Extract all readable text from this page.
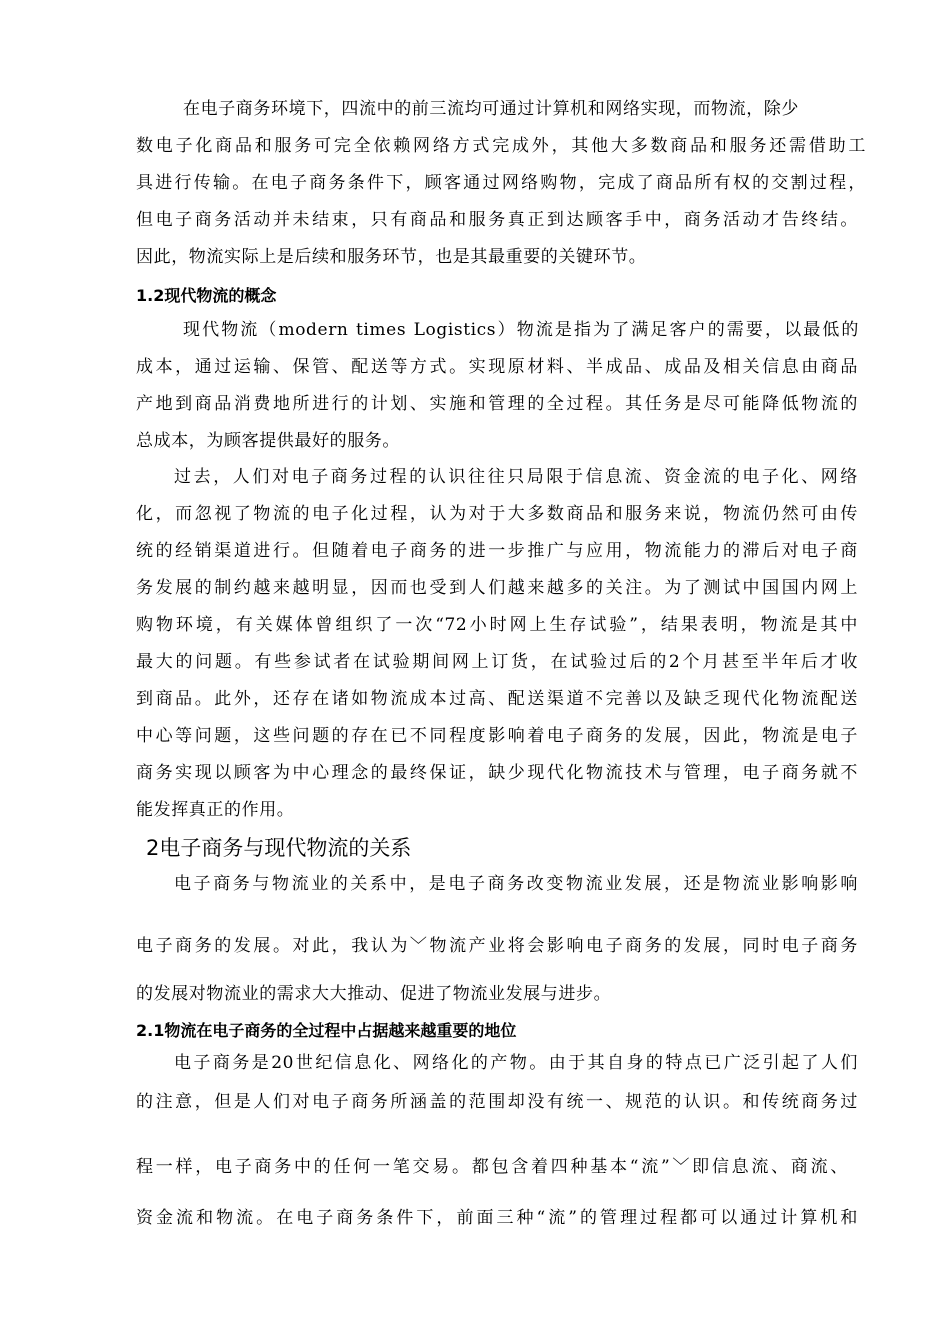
在电子商务环境下，四流中的前三流均可通过计算机和网络实现，而物流，除少
数电子化商品和服务可完全依赖网络方式完成外，其他大多数商品和服务还需借助工
具进行传输。在电子商务条件下，顾客通过网络购物，完成了商品所有权的交割过程，
但电子商务活动并未结束，只有商品和服务真正到达顾客手中，商务活动才告终结。
因此，物流实际上是后续和服务环节，也是其最重要的关键环节。
1.2现代物流的概念
现代物流（modern times Logistics）物流是指为了满足客户的需要，以最低的
成本，通过运输、保管、配送等方式。实现原材料、半成品、成品及相关信息由商品
产地到商品消费地所进行的计划、实施和管理的全过程。其任务是尽可能降低物流的
总成本，为顾客提供最好的服务。
过去，人们对电子商务过程的认识往往只局限于信息流、资金流的电子化、网络
化，而忽视了物流的电子化过程，认为对于大多数商品和服务来说，物流仍然可由传
统的经销渠道进行。但随着电子商务的进一步推广与应用，物流能力的滞后对电子商
务发展的制约越来越明显，因而也受到人们越来越多的关注。为了测试中国国内网上
购物环境，有关媒体曾组织了一次“72小时网上生存试验”，结果表明，物流是其中
最大的问题。有些参试者在试验期间网上订货，在试验过后的2个月甚至半年后才收
到商品。此外，还存在诸如物流成本过高、配送渠道不完善以及缺乏现代化物流配送
中心等问题，这些问题的存在已不同程度影响着电子商务的发展，因此，物流是电子
商务实现以顾客为中心理念的最终保证，缺少现代化物流技术与管理，电子商务就不
能发挥真正的作用。
2电子商务与现代物流的关系
电子商务与物流业的关系中，是电子商务改变物流业发展，还是物流业影响影响
电子商务的发展。对此，我认为﹀物流产业将会影响电子商务的发展，同时电子商务
的发展对物流业的需求大大推动、促进了物流业发展与进步。
2.1物流在电子商务的全过程中占据越来越重要的地位
电子商务是20世纪信息化、网络化的产物。由于其自身的特点已广泛引起了人们
的注意，但是人们对电子商务所涵盖的范围却没有统一、规范的认识。和传统商务过
程一样，电子商务中的任何一笔交易。都包含着四种基本“流”﹀即信息流、商流、
资金流和物流。在电子商务条件下，前面三种“流”的管理过程都可以通过计算机和
